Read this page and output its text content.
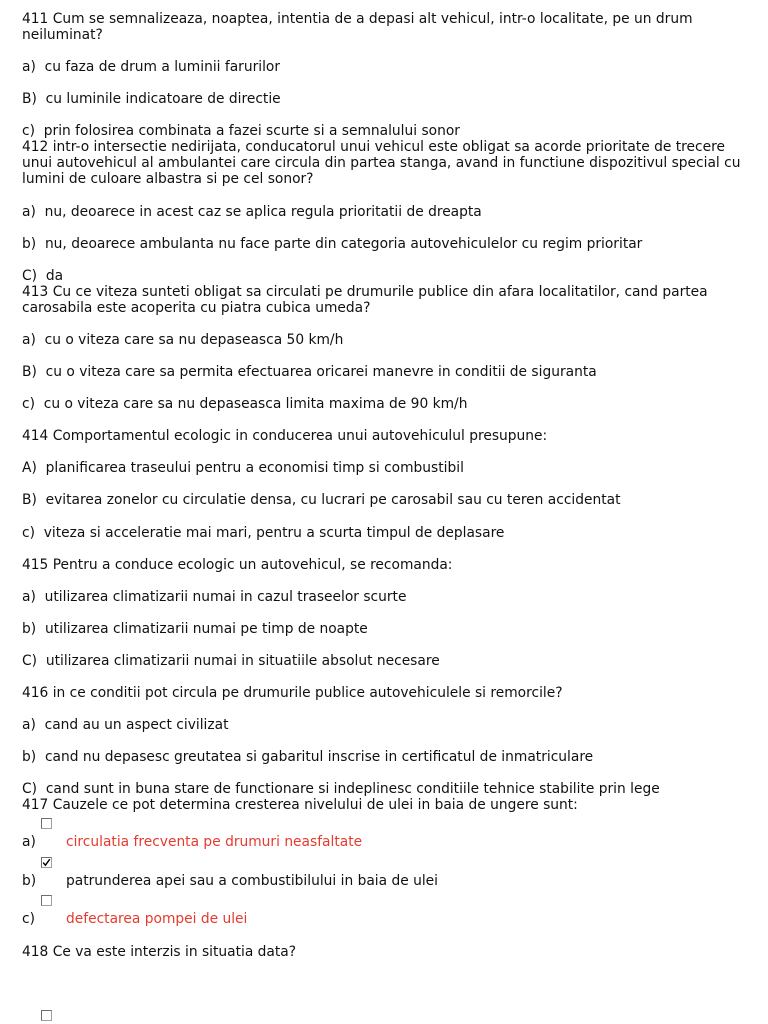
411 Cum se semnalizeaza, noaptea, intentia de a depasi alt vehicul, intr-o localitate, pe un drum
neiluminat?
a) cu faza de drum a luminii farurilor
B) cu luminile indicatoare de directie
c) prin folosirea combinata a fazei scurte si a semnalului sonor
412 intr-o intersectie nedirijata, conducatorul unui vehicul este obligat sa acorde prioritate de trecere
unui autovehicul al ambulantei care circula din partea stanga, avand in functiune dispozitivul special cu
lumini de culoare albastra si pe cel sonor?
a) nu, deoarece in acest caz se aplica regula prioritatii de dreapta
b) nu, deoarece ambulanta nu face parte din categoria autovehiculelor cu regim prioritar
C) da
413 Cu ce viteza sunteti obligat sa circulati pe drumurile publice din afara localitatilor, cand partea
carosabila este acoperita cu piatra cubica umeda?
a) cu o viteza care sa nu depaseasca 50 km/h
B) cu o viteza care sa permita efectuarea oricarei manevre in conditii de siguranta
c) cu o viteza care sa nu depaseasca limita maxima de 90 km/h
414 Comportamentul ecologic in conducerea unui autovehiculul presupune:
A) planificarea traseului pentru a economisi timp si combustibil
B) evitarea zonelor cu circulatie densa, cu lucrari pe carosabil sau cu teren accidentat
c) viteza si acceleratie mai mari, pentru a scurta timpul de deplasare
415 Pentru a conduce ecologic un autovehicul, se recomanda:
a) utilizarea climatizarii numai in cazul traseelor scurte
b) utilizarea climatizarii numai pe timp de noapte
C) utilizarea climatizarii numai in situatiile absolut necesare
416 in ce conditii pot circula pe drumurile publice autovehiculele si remorcile?
a) cand au un aspect civilizat
b) cand nu depasesc greutatea si gabaritul inscrise in certificatul de inmatriculare
C) cand sunt in buna stare de functionare si indeplinesc conditiile tehnice stabilite prin lege
417 Cauzele ce pot determina cresterea nivelului de ulei in baia de ungere sunt:
a) circulatia frecventa pe drumuri neasfaltate
b) patrunderea apei sau a combustibilului in baia de ulei
c) defectarea pompei de ulei
418 Ce va este interzis in situatia data?
